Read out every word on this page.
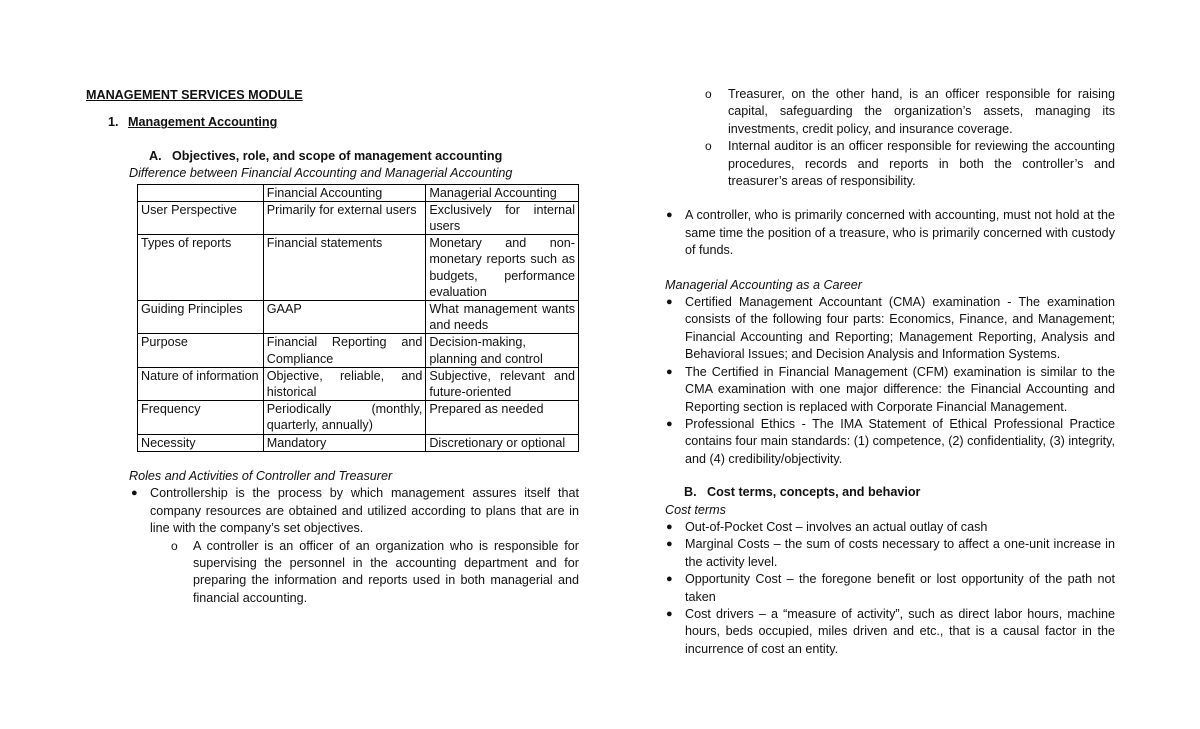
MANAGEMENT SERVICES MODULE

1. Management Accounting
A. Objectives, role, and scope of management accounting

Difference between Financial Accounting and Managerial Accounting

	Financial Accounting	Managerial Accounting
User Perspective	Primarily for external users	Exclusively for internal users
Types of reports	Financial statements	Monetary and non-monetary reports such as budgets, performance evaluation
Guiding Principles	GAAP	What management wants and needs
Purpose	Financial Reporting and Compliance	Decision-making, planning and control
Nature of information	Objective, reliable, and historical	Subjective, relevant and future-oriented
Frequency	Periodically (monthly, quarterly, annually)	Prepared as needed
Necessity	Mandatory	Discretionary or optional

Roles and Activities of Controller and Treasurer

● Controllership is the process by which management assures itself that company resources are obtained and utilized according to plans that are in line with the company’s set objectives.
o A controller is an officer of an organization who is responsible for supervising the personnel in the accounting department and for preparing the information and reports used in both managerial and financial accounting.
o Treasurer, on the other hand, is an officer responsible for raising capital, safeguarding the organization’s assets, managing its investments, credit policy, and insurance coverage.
o Internal auditor is an officer responsible for reviewing the accounting procedures, records and reports in both the controller’s and treasurer’s areas of responsibility.
● A controller, who is primarily concerned with accounting, must not hold at the same time the position of a treasure, who is primarily concerned with custody of funds.

Managerial Accounting as a Career

● Certified Management Accountant (CMA) examination - The examination consists of the following four parts: Economics, Finance, and Management; Financial Accounting and Reporting; Management Reporting, Analysis and Behavioral Issues; and Decision Analysis and Information Systems.
● The Certified in Financial Management (CFM) examination is similar to the CMA examination with one major difference: the Financial Accounting and Reporting section is replaced with Corporate Financial Management.
● Professional Ethics - The IMA Statement of Ethical Professional Practice contains four main standards: (1) competence, (2) confidentiality, (3) integrity, and (4) credibility/objectivity.
B. Cost terms, concepts, and behavior

Cost terms

● Out-of-Pocket Cost – involves an actual outlay of cash
● Marginal Costs – the sum of costs necessary to affect a one-unit increase in the activity level.
● Opportunity Cost – the foregone benefit or lost opportunity of the path not taken
● Cost drivers – a “measure of activity”, such as direct labor hours, machine hours, beds occupied, miles driven and etc., that is a causal factor in the incurrence of cost an entity.
